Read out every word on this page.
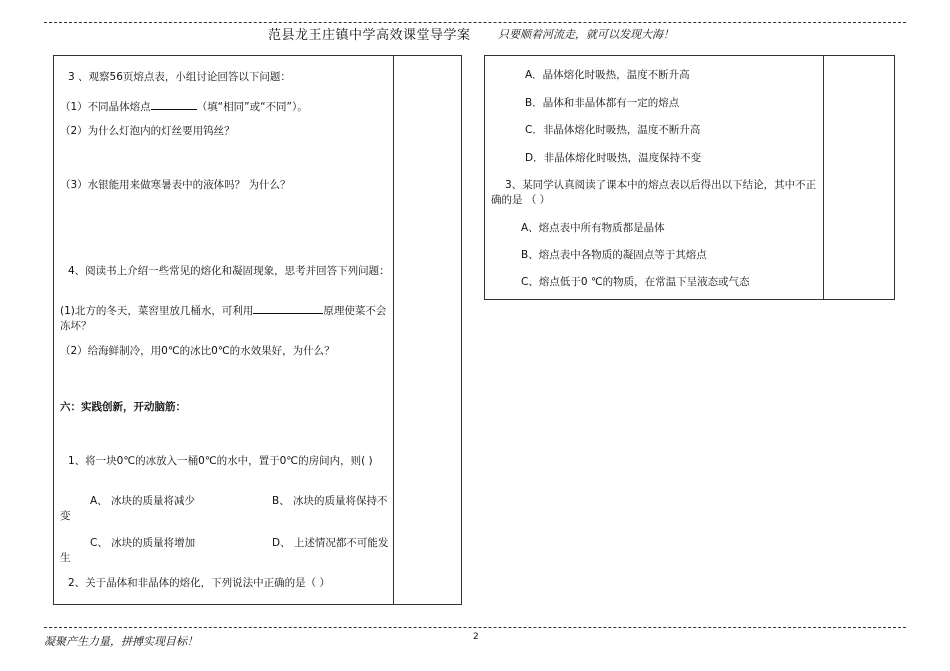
范县龙王庄镇中学高效课堂导学案 只要顺着河流走，就可以发现大海！
3 、观察56页熔点表，小组讨论回答以下问题：
（1）不同晶体熔点	（填“相同”或“不同”）。
（2）为什么灯泡内的灯丝要用钨丝？
（3）水银能用来做寒暑表中的液体吗？ 为什么？
4、阅读书上介绍一些常见的熔化和凝固现象，思考并回答下列问题：
(1)北方的冬天，菜窖里放几桶水，可利用	原理使菜不会冻坏？
（2）给海鲜制冷，用0℃的冰比0℃的水效果好，为什么？
六：实践创新，开动脑筋：
1、将一块0℃的冰放入一桶0℃的水中，置于0℃的房间内，则( )
A、 冰块的质量将减少	B、 冰块的质量将保持不变
C、 冰块的质量将增加	D、 上述情况都不可能发生
2、关于晶体和非晶体的熔化，下列说法中正确的是（ ）
A．晶体熔化时吸热，温度不断升高
B．晶体和非晶体都有一定的熔点
C．非晶体熔化时吸热，温度不断升高
D．非晶体熔化时吸热，温度保持不变
3、某同学认真阅读了课本中的熔点表以后得出以下结论，其中不正确的是 （ ）
A、熔点表中所有物质都是晶体
B、熔点表中各物质的凝固点等于其熔点
C、熔点低于0 ℃的物质，在常温下呈液态或气态
凝聚产生力量，拼搏实现目标！	2
